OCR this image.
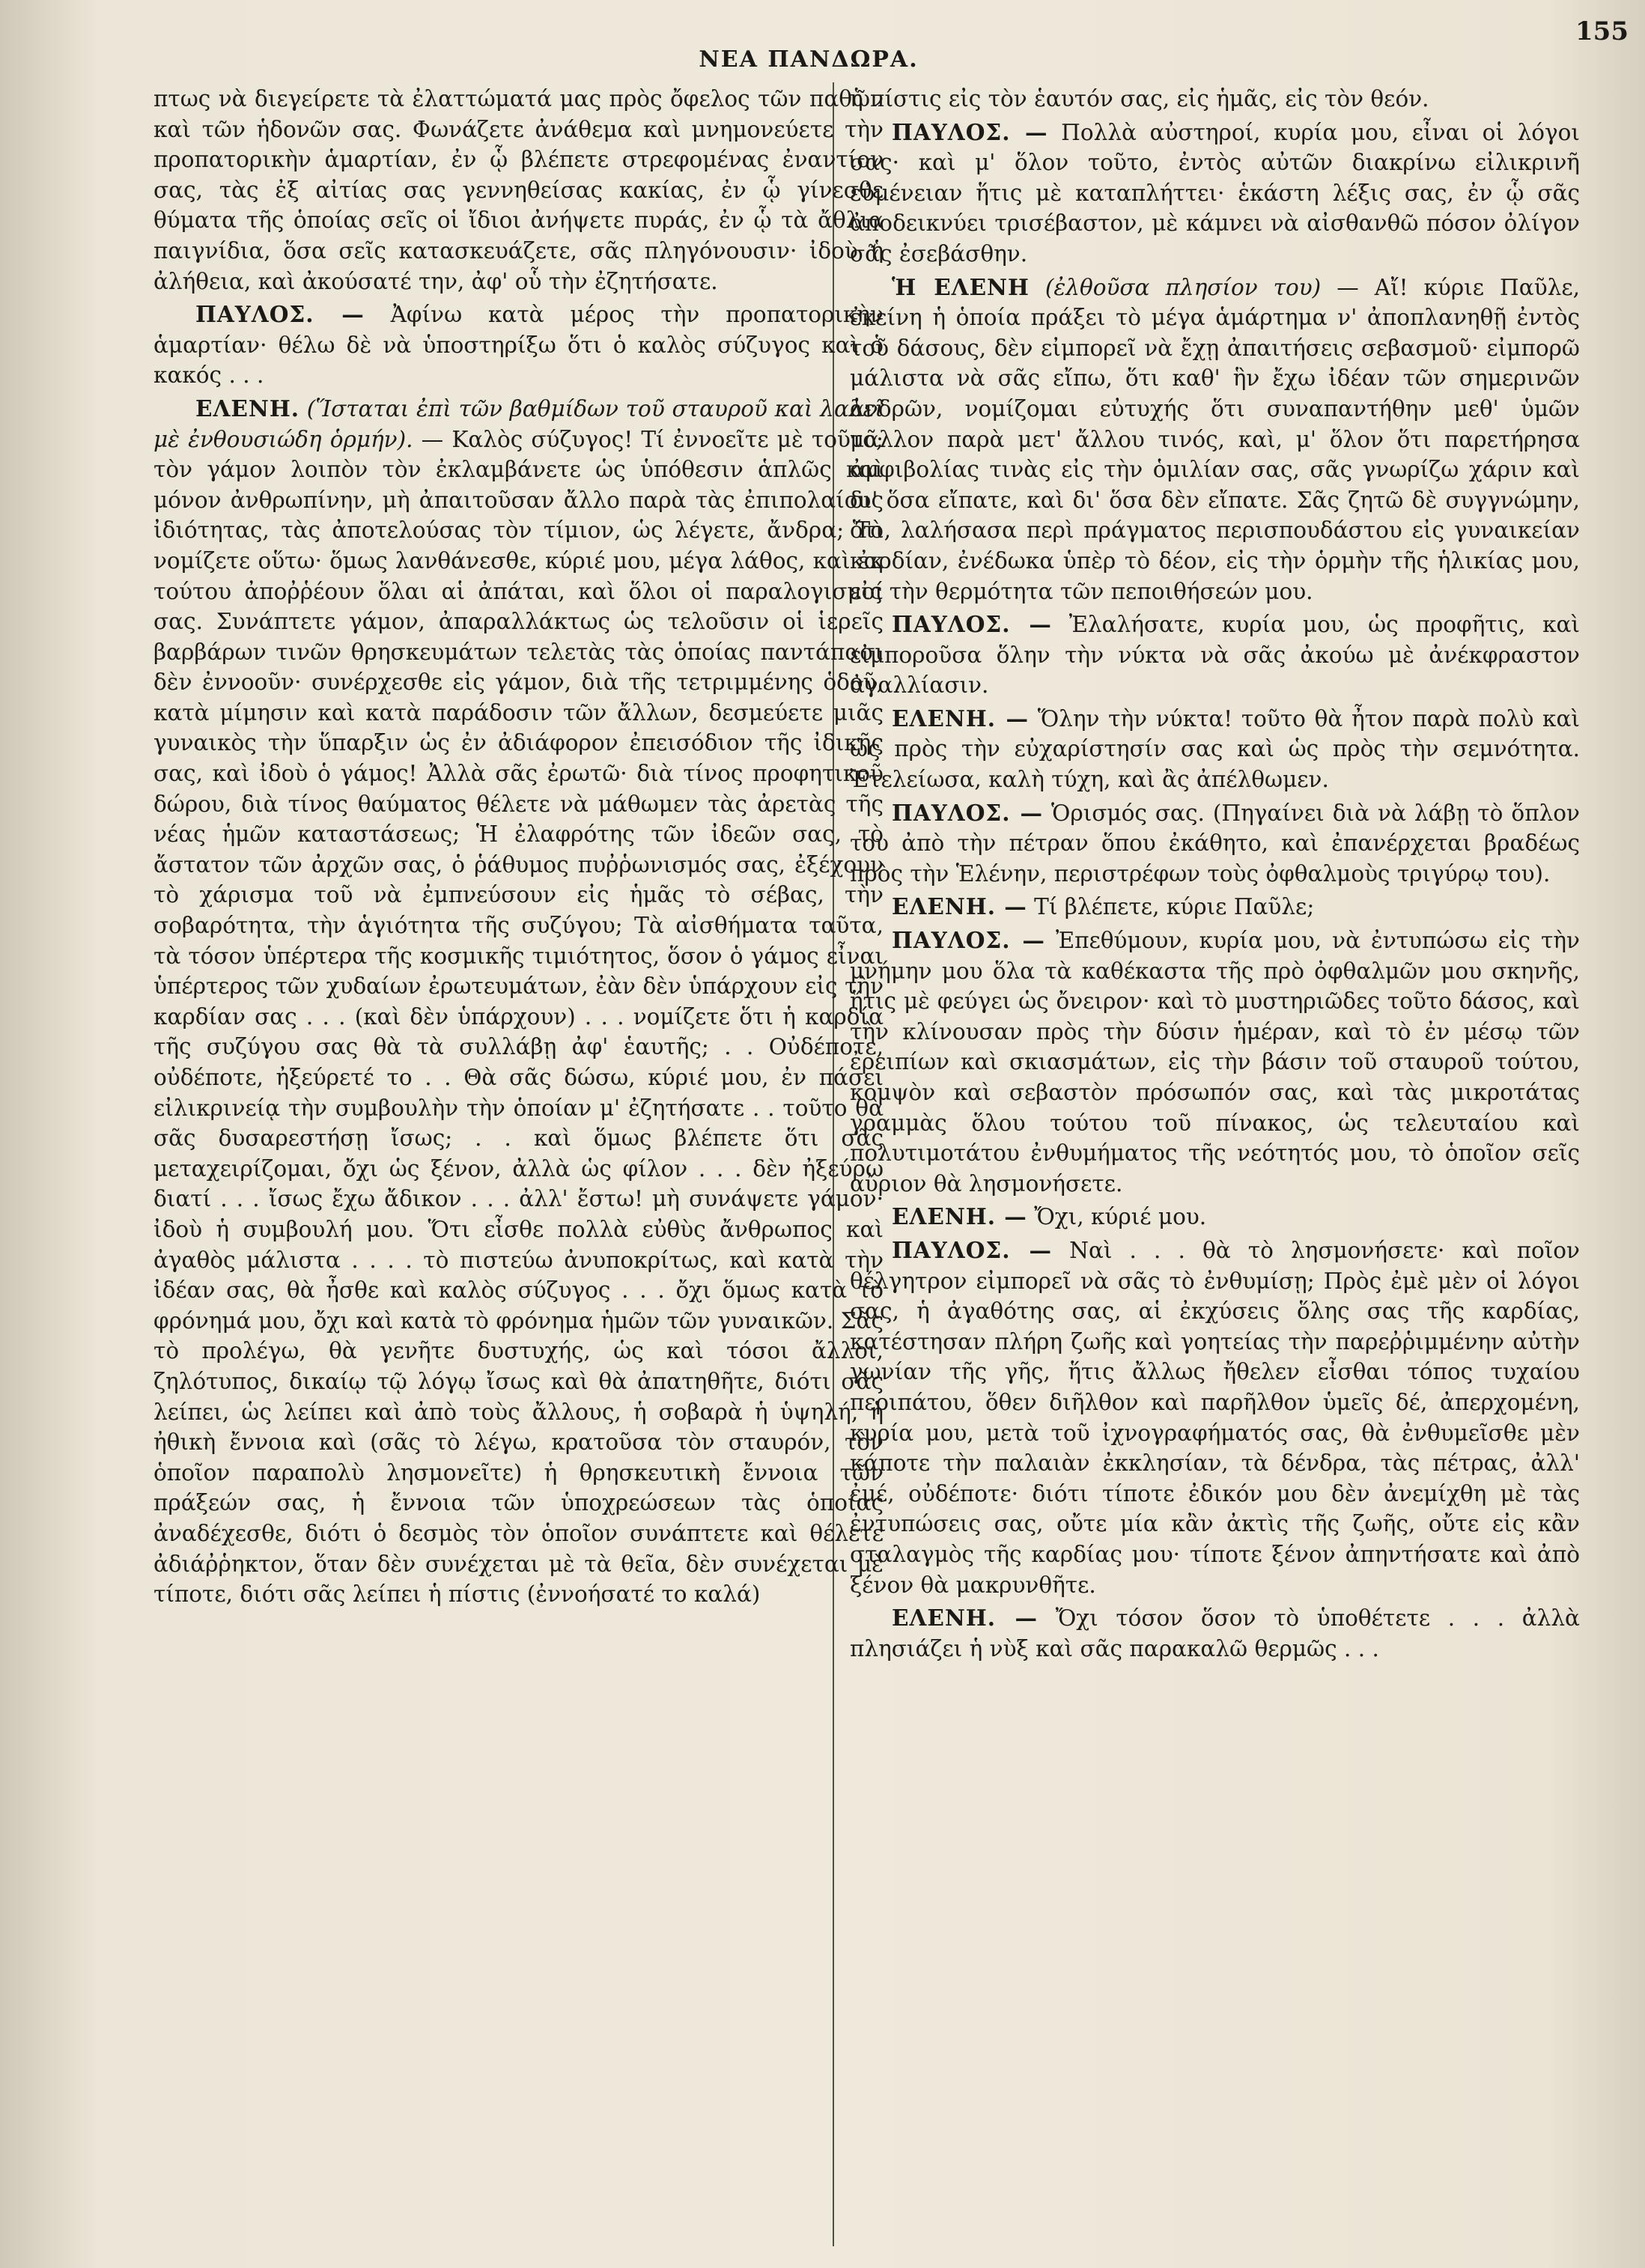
ΝΕΑ ΠΑΝΔΩΡΑ.
155

πτως νὰ διεγείρετε τὰ ἐλαττώματά μας πρὸς ὄφελος τῶν παθῶν καὶ τῶν ἡδονῶν σας. Φωνάζετε ἀνάθεμα καὶ μνημονεύετε τὴν προπατορικὴν ἁμαρτίαν, ἐν ᾧ βλέπετε στρεφομένας ἐναντίον σας, τὰς ἐξ αἰτίας σας γεννηθείσας κακίας, ἐν ᾧ γίνεσθε θύματα τῆς ὁποίας σεῖς οἱ ἴδιοι ἀνήψετε πυράς, ἐν ᾧ τὰ ἄθλια παιγνίδια, ὅσα σεῖς κατασκευάζετε, σᾶς πληγόνουσιν· ἰδοὺ ἡ ἀλήθεια, καὶ ἀκούσατέ την, ἀφ' οὗ τὴν ἐζητήσατε.

ΠΑΥΛΟΣ. — Ἀφίνω κατὰ μέρος τὴν προπατορικὴν ἁμαρτίαν· θέλω δὲ νὰ ὑποστηρίξω ὅτι ὁ καλὸς σύζυγος καὶ ὁ κακός . . .

ΕΛΕΝΗ. (Ἵσταται ἐπὶ τῶν βαθμίδων τοῦ σταυροῦ καὶ λαλεῖ μὲ ἐνθουσιώδη ὁρμήν). — Καλὸς σύζυγος! Τί ἐννοεῖτε μὲ τοῦτο; τὸν γάμον λοιπὸν τὸν ἐκλαμβάνετε ὡς ὑπόθεσιν ἁπλῶς καὶ μόνον ἀνθρωπίνην, μὴ ἀπαιτοῦσαν ἄλλο παρὰ τὰς ἐπιπολαίους ἰδιότητας, τὰς ἀποτελούσας τὸν τίμιον, ὡς λέγετε, ἄνδρα; Τὸ νομίζετε οὕτω· ὅμως λανθάνεσθε, κύριέ μου, μέγα λάθος, καὶ ἐκ τούτου ἀποῤῥέουν ὅλαι αἱ ἀπάται, καὶ ὅλοι οἱ παραλογισμοί σας. Συνάπτετε γάμον, ἀπαραλλάκτως ὡς τελοῦσιν οἱ ἱερεῖς βαρβάρων τινῶν θρησκευμάτων τελετὰς τὰς ὁποίας παντάπασι δὲν ἐννοοῦν· συνέρχεσθε εἰς γάμον, διὰ τῆς τετριμμένης ὁδοῦ, κατὰ μίμησιν καὶ κατὰ παράδοσιν τῶν ἄλλων, δεσμεύετε μιᾶς γυναικὸς τὴν ὕπαρξιν ὡς ἐν ἀδιάφορον ἐπεισόδιον τῆς ἰδικῆς σας, καὶ ἰδοὺ ὁ γάμος! Ἀλλὰ σᾶς ἐρωτῶ· διὰ τίνος προφητικοῦ δώρου, διὰ τίνος θαύματος θέλετε νὰ μάθωμεν τὰς ἀρετὰς τῆς νέας ἡμῶν καταστάσεως; Ἡ ἐλαφρότης τῶν ἰδεῶν σας, τὸ ἄστατον τῶν ἀρχῶν σας, ὁ ῥάθυμος πυῤῥωνισμός σας, ἐξέχουν τὸ χάρισμα τοῦ νὰ ἐμπνεύσουν εἰς ἡμᾶς τὸ σέβας, τὴν σοβαρότητα, τὴν ἁγιότητα τῆς συζύγου; Τὰ αἰσθήματα ταῦτα, τὰ τόσον ὑπέρτερα τῆς κοσμικῆς τιμιότητος, ὅσον ὁ γάμος εἶναι ὑπέρτερος τῶν χυδαίων ἐρωτευμάτων, ἐὰν δὲν ὑπάρχουν εἰς τὴν καρδίαν σας . . . (καὶ δὲν ὑπάρχουν) . . . νομίζετε ὅτι ἡ καρδία τῆς συζύγου σας θὰ τὰ συλλάβῃ ἀφ' ἑαυτῆς; . . Οὐδέποτε, οὐδέποτε, ἠξεύρετέ το . . Θὰ σᾶς δώσω, κύριέ μου, ἐν πάσει εἰλικρινείᾳ τὴν συμβουλὴν τὴν ὁποίαν μ' ἐζητήσατε . . τοῦτο θὰ σᾶς δυσαρεστήσῃ ἴσως; . . καὶ ὅμως βλέπετε ὅτι σᾶς μεταχειρίζομαι, ὄχι ὡς ξένον, ἀλλὰ ὡς φίλον . . . δὲν ἠξεύρω διατί . . . ἴσως ἔχω ἄδικον . . . ἀλλ' ἔστω! μὴ συνάψετε γάμον· ἰδοὺ ἡ συμβουλή μου. Ὅτι εἶσθε πολλὰ εὐθὺς ἄνθρωπος καὶ ἀγαθὸς μάλιστα . . . . τὸ πιστεύω ἀνυποκρίτως, καὶ κατὰ τὴν ἰδέαν σας, θὰ ἦσθε καὶ καλὸς σύζυγος . . . ὄχι ὅμως κατὰ τὸ φρόνημά μου, ὄχι καὶ κατὰ τὸ φρόνημα ἡμῶν τῶν γυναικῶν. Σᾶς τὸ προλέγω, θὰ γενῆτε δυστυχής, ὡς καὶ τόσοι ἄλλοι, ζηλότυπος, δικαίῳ τῷ λόγῳ ἴσως καὶ θὰ ἀπατηθῆτε, διότι σᾶς λείπει, ὡς λείπει καὶ ἀπὸ τοὺς ἄλλους, ἡ σοβαρὰ ἡ ὑψηλή, ἡ ἠθικὴ ἔννοια καὶ (σᾶς τὸ λέγω, κρατοῦσα τὸν σταυρόν, τὸν ὁποῖον παραπολὺ λησμονεῖτε) ἡ θρησκευτικὴ ἔννοια τῶν πράξεών σας, ἡ ἔννοια τῶν ὑποχρεώσεων τὰς ὁποίας ἀναδέχεσθε, διότι ὁ δεσμὸς τὸν ὁποῖον συνάπτετε καὶ θέλετε ἀδιάῤῥηκτον, ὅταν δὲν συνέχεται μὲ τὰ θεῖα, δὲν συνέχεται μὲ τίποτε, διότι σᾶς λείπει ἡ πίστις (ἐννοήσατέ το καλά)

ἡ πίστις εἰς τὸν ἑαυτόν σας, εἰς ἡμᾶς, εἰς τὸν θεόν.

ΠΑΥΛΟΣ. — Πολλὰ αὐστηροί, κυρία μου, εἶναι οἱ λόγοι σας· καὶ μ' ὅλον τοῦτο, ἐντὸς αὐτῶν διακρίνω εἰλικρινῆ εὐμένειαν ἥτις μὲ καταπλήττει· ἑκάστη λέξις σας, ἐν ᾧ σᾶς ἀποδεικνύει τρισέβαστον, μὲ κάμνει νὰ αἰσθανθῶ πόσον ὀλίγον σᾶς ἐσεβάσθην.

Ἡ ΕΛΕΝΗ (ἐλθοῦσα πλησίον του) — Αἴ! κύριε Παῦλε, ἐκείνη ἡ ὁποία πράξει τὸ μέγα ἁμάρτημα ν' ἀποπλανηθῇ ἐντὸς τοῦ δάσους, δὲν εἰμπορεῖ νὰ ἔχῃ ἀπαιτήσεις σεβασμοῦ· εἰμπορῶ μάλιστα νὰ σᾶς εἴπω, ὅτι καθ' ἣν ἔχω ἰδέαν τῶν σημερινῶν ἀνδρῶν, νομίζομαι εὐτυχής ὅτι συναπαντήθην μεθ' ὑμῶν μᾶλλον παρὰ μετ' ἄλλου τινός, καὶ, μ' ὅλον ὅτι παρετήρησα ἀμφιβολίας τινὰς εἰς τὴν ὁμιλίαν σας, σᾶς γνωρίζω χάριν καὶ δι' ὅσα εἴπατε, καὶ δι' ὅσα δὲν εἴπατε. Σᾶς ζητῶ δὲ συγγνώμην, ὅτι, λαλήσασα περὶ πράγματος περισπουδάστου εἰς γυναικείαν καρδίαν, ἐνέδωκα ὑπὲρ τὸ δέον, εἰς τὴν ὁρμὴν τῆς ἡλικίας μου, εἰς τὴν θερμότητα τῶν πεποιθήσεών μου.

ΠΑΥΛΟΣ. — Ἐλαλήσατε, κυρία μου, ὡς προφῆτις, καὶ εἰμποροῦσα ὅλην τὴν νύκτα νὰ σᾶς ἀκούω μὲ ἀνέκφραστον ἀγαλλίασιν.

ΕΛΕΝΗ. — Ὅλην τὴν νύκτα! τοῦτο θὰ ἦτον παρὰ πολὺ καὶ ὡς πρὸς τὴν εὐχαρίστησίν σας καὶ ὡς πρὸς τὴν σεμνότητα. Ἐτελείωσα, καλὴ τύχη, καὶ ἂς ἀπέλθωμεν.

ΠΑΥΛΟΣ. — Ὁρισμός σας. (Πηγαίνει διὰ νὰ λάβῃ τὸ ὅπλον του ἀπὸ τὴν πέτραν ὅπου ἐκάθητο, καὶ ἐπανέρχεται βραδέως πρὸς τὴν Ἑλένην, περιστρέφων τοὺς ὀφθαλμοὺς τριγύρῳ του).

ΕΛΕΝΗ. — Τί βλέπετε, κύριε Παῦλε;

ΠΑΥΛΟΣ. — Ἐπεθύμουν, κυρία μου, νὰ ἐντυπώσω εἰς τὴν μνήμην μου ὅλα τὰ καθέκαστα τῆς πρὸ ὀφθαλμῶν μου σκηνῆς, ἥτις μὲ φεύγει ὡς ὄνειρον· καὶ τὸ μυστηριῶδες τοῦτο δάσος, καὶ τὴν κλίνουσαν πρὸς τὴν δύσιν ἡμέραν, καὶ τὸ ἐν μέσῳ τῶν ἐρειπίων καὶ σκιασμάτων, εἰς τὴν βάσιν τοῦ σταυροῦ τούτου, κομψὸν καὶ σεβαστὸν πρόσωπόν σας, καὶ τὰς μικροτάτας γραμμὰς ὅλου τούτου τοῦ πίνακος, ὡς τελευταίου καὶ πολυτιμοτάτου ἐνθυμήματος τῆς νεότητός μου, τὸ ὁποῖον σεῖς αὔριον θὰ λησμονήσετε.

ΕΛΕΝΗ. — Ὄχι, κύριέ μου.

ΠΑΥΛΟΣ. — Ναὶ . . . θὰ τὸ λησμονήσετε· καὶ ποῖον θέλγητρον εἰμπορεῖ νὰ σᾶς τὸ ἐνθυμίσῃ; Πρὸς ἐμὲ μὲν οἱ λόγοι σας, ἡ ἀγαθότης σας, αἱ ἐκχύσεις ὅλης σας τῆς καρδίας, κατέστησαν πλήρη ζωῆς καὶ γοητείας τὴν παρεῤῥιμμένην αὐτὴν γωνίαν τῆς γῆς, ἥτις ἄλλως ἤθελεν εἶσθαι τόπος τυχαίου περιπάτου, ὅθεν διῆλθον καὶ παρῆλθον ὑμεῖς δέ, ἀπερχομένη, κυρία μου, μετὰ τοῦ ἰχνογραφήματός σας, θὰ ἐνθυμεῖσθε μὲν κάποτε τὴν παλαιὰν ἐκκλησίαν, τὰ δένδρα, τὰς πέτρας, ἀλλ' ἐμέ, οὐδέποτε· διότι τίποτε ἐδικόν μου δὲν ἀνεμίχθη μὲ τὰς ἐντυπώσεις σας, οὔτε μία κἂν ἀκτὶς τῆς ζωῆς, οὔτε εἰς κἂν σταλαγμὸς τῆς καρδίας μου· τίποτε ξένον ἀπηντήσατε καὶ ἀπὸ ξένον θὰ μακρυνθῆτε.

ΕΛΕΝΗ. — Ὄχι τόσον ὅσον τὸ ὑποθέτετε . . . ἀλλὰ πλησιάζει ἡ νὺξ καὶ σᾶς παρακαλῶ θερμῶς . . .
